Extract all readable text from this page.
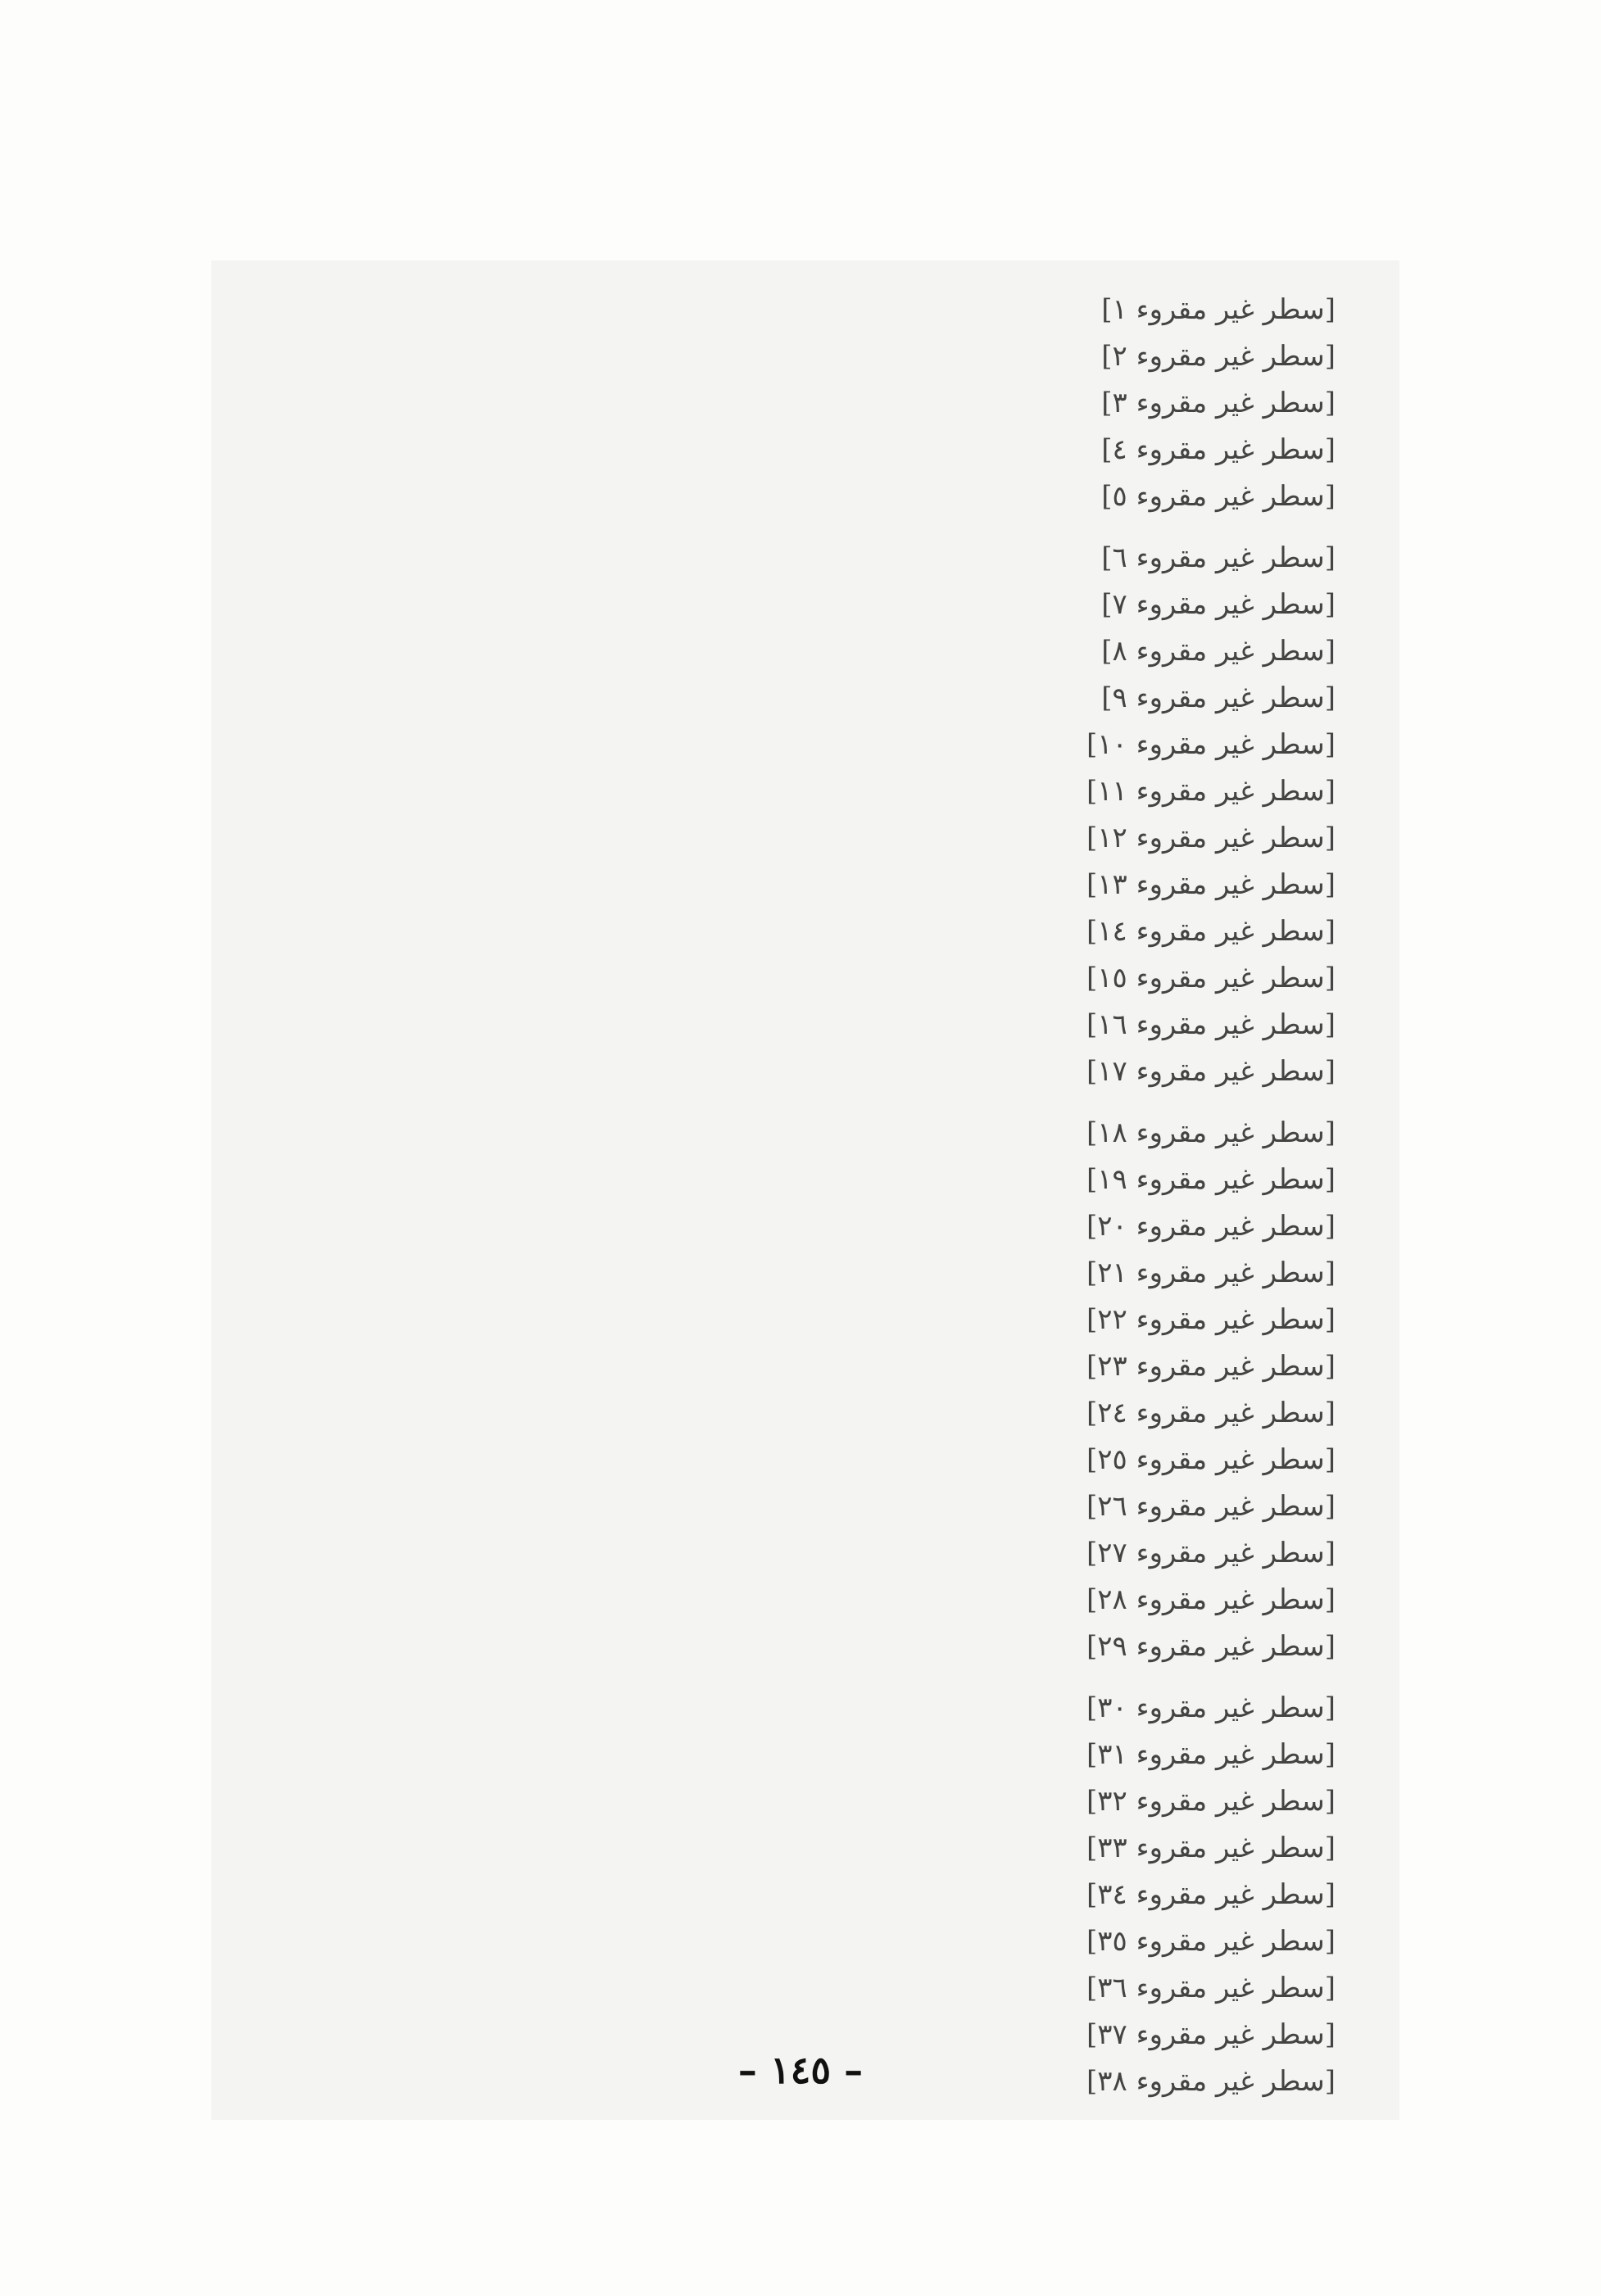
[سطر غير مقروء ١]
[سطر غير مقروء ٢]
[سطر غير مقروء ٣]
[سطر غير مقروء ٤]
[سطر غير مقروء ٥]
[سطر غير مقروء ٦]
[سطر غير مقروء ٧]
[سطر غير مقروء ٨]
[سطر غير مقروء ٩]
[سطر غير مقروء ١٠]
[سطر غير مقروء ١١]
[سطر غير مقروء ١٢]
[سطر غير مقروء ١٣]
[سطر غير مقروء ١٤]
[سطر غير مقروء ١٥]
[سطر غير مقروء ١٦]
[سطر غير مقروء ١٧]
[سطر غير مقروء ١٨]
[سطر غير مقروء ١٩]
[سطر غير مقروء ٢٠]
[سطر غير مقروء ٢١]
[سطر غير مقروء ٢٢]
[سطر غير مقروء ٢٣]
[سطر غير مقروء ٢٤]
[سطر غير مقروء ٢٥]
[سطر غير مقروء ٢٦]
[سطر غير مقروء ٢٧]
[سطر غير مقروء ٢٨]
[سطر غير مقروء ٢٩]
[سطر غير مقروء ٣٠]
[سطر غير مقروء ٣١]
[سطر غير مقروء ٣٢]
[سطر غير مقروء ٣٣]
[سطر غير مقروء ٣٤]
[سطر غير مقروء ٣٥]
[سطر غير مقروء ٣٦]
[سطر غير مقروء ٣٧]
[سطر غير مقروء ٣٨]
– ١٤٥ –
